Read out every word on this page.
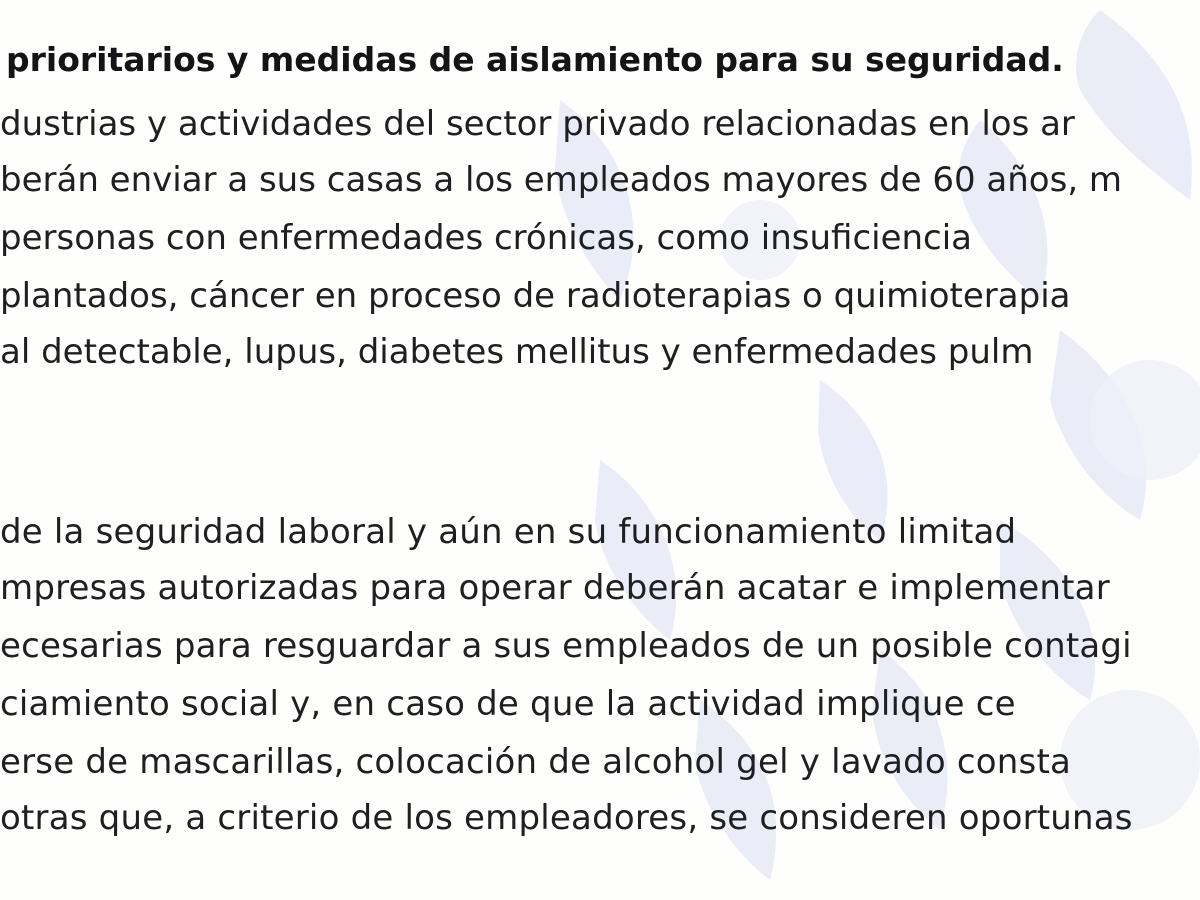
prioritarios y medidas de aislamiento para su seguridad.
dustrias y actividades del sector privado relacionadas en los ar
berán enviar a sus casas a los empleados mayores de 60 años, m
personas con enfermedades crónicas, como insuficiencia
plantados, cáncer en proceso de radioterapias o quimioterapia
al detectable, lupus, diabetes mellitus y enfermedades pulm
de la seguridad laboral y aún en su funcionamiento limitad
mpresas autorizadas para operar deberán acatar e implementar
ecesarias para resguardar a sus empleados de un posible contagi
ciamiento social y, en caso de que la actividad implique ce
erse de mascarillas, colocación de alcohol gel y lavado consta
otras que, a criterio de los empleadores, se consideren oportunas
